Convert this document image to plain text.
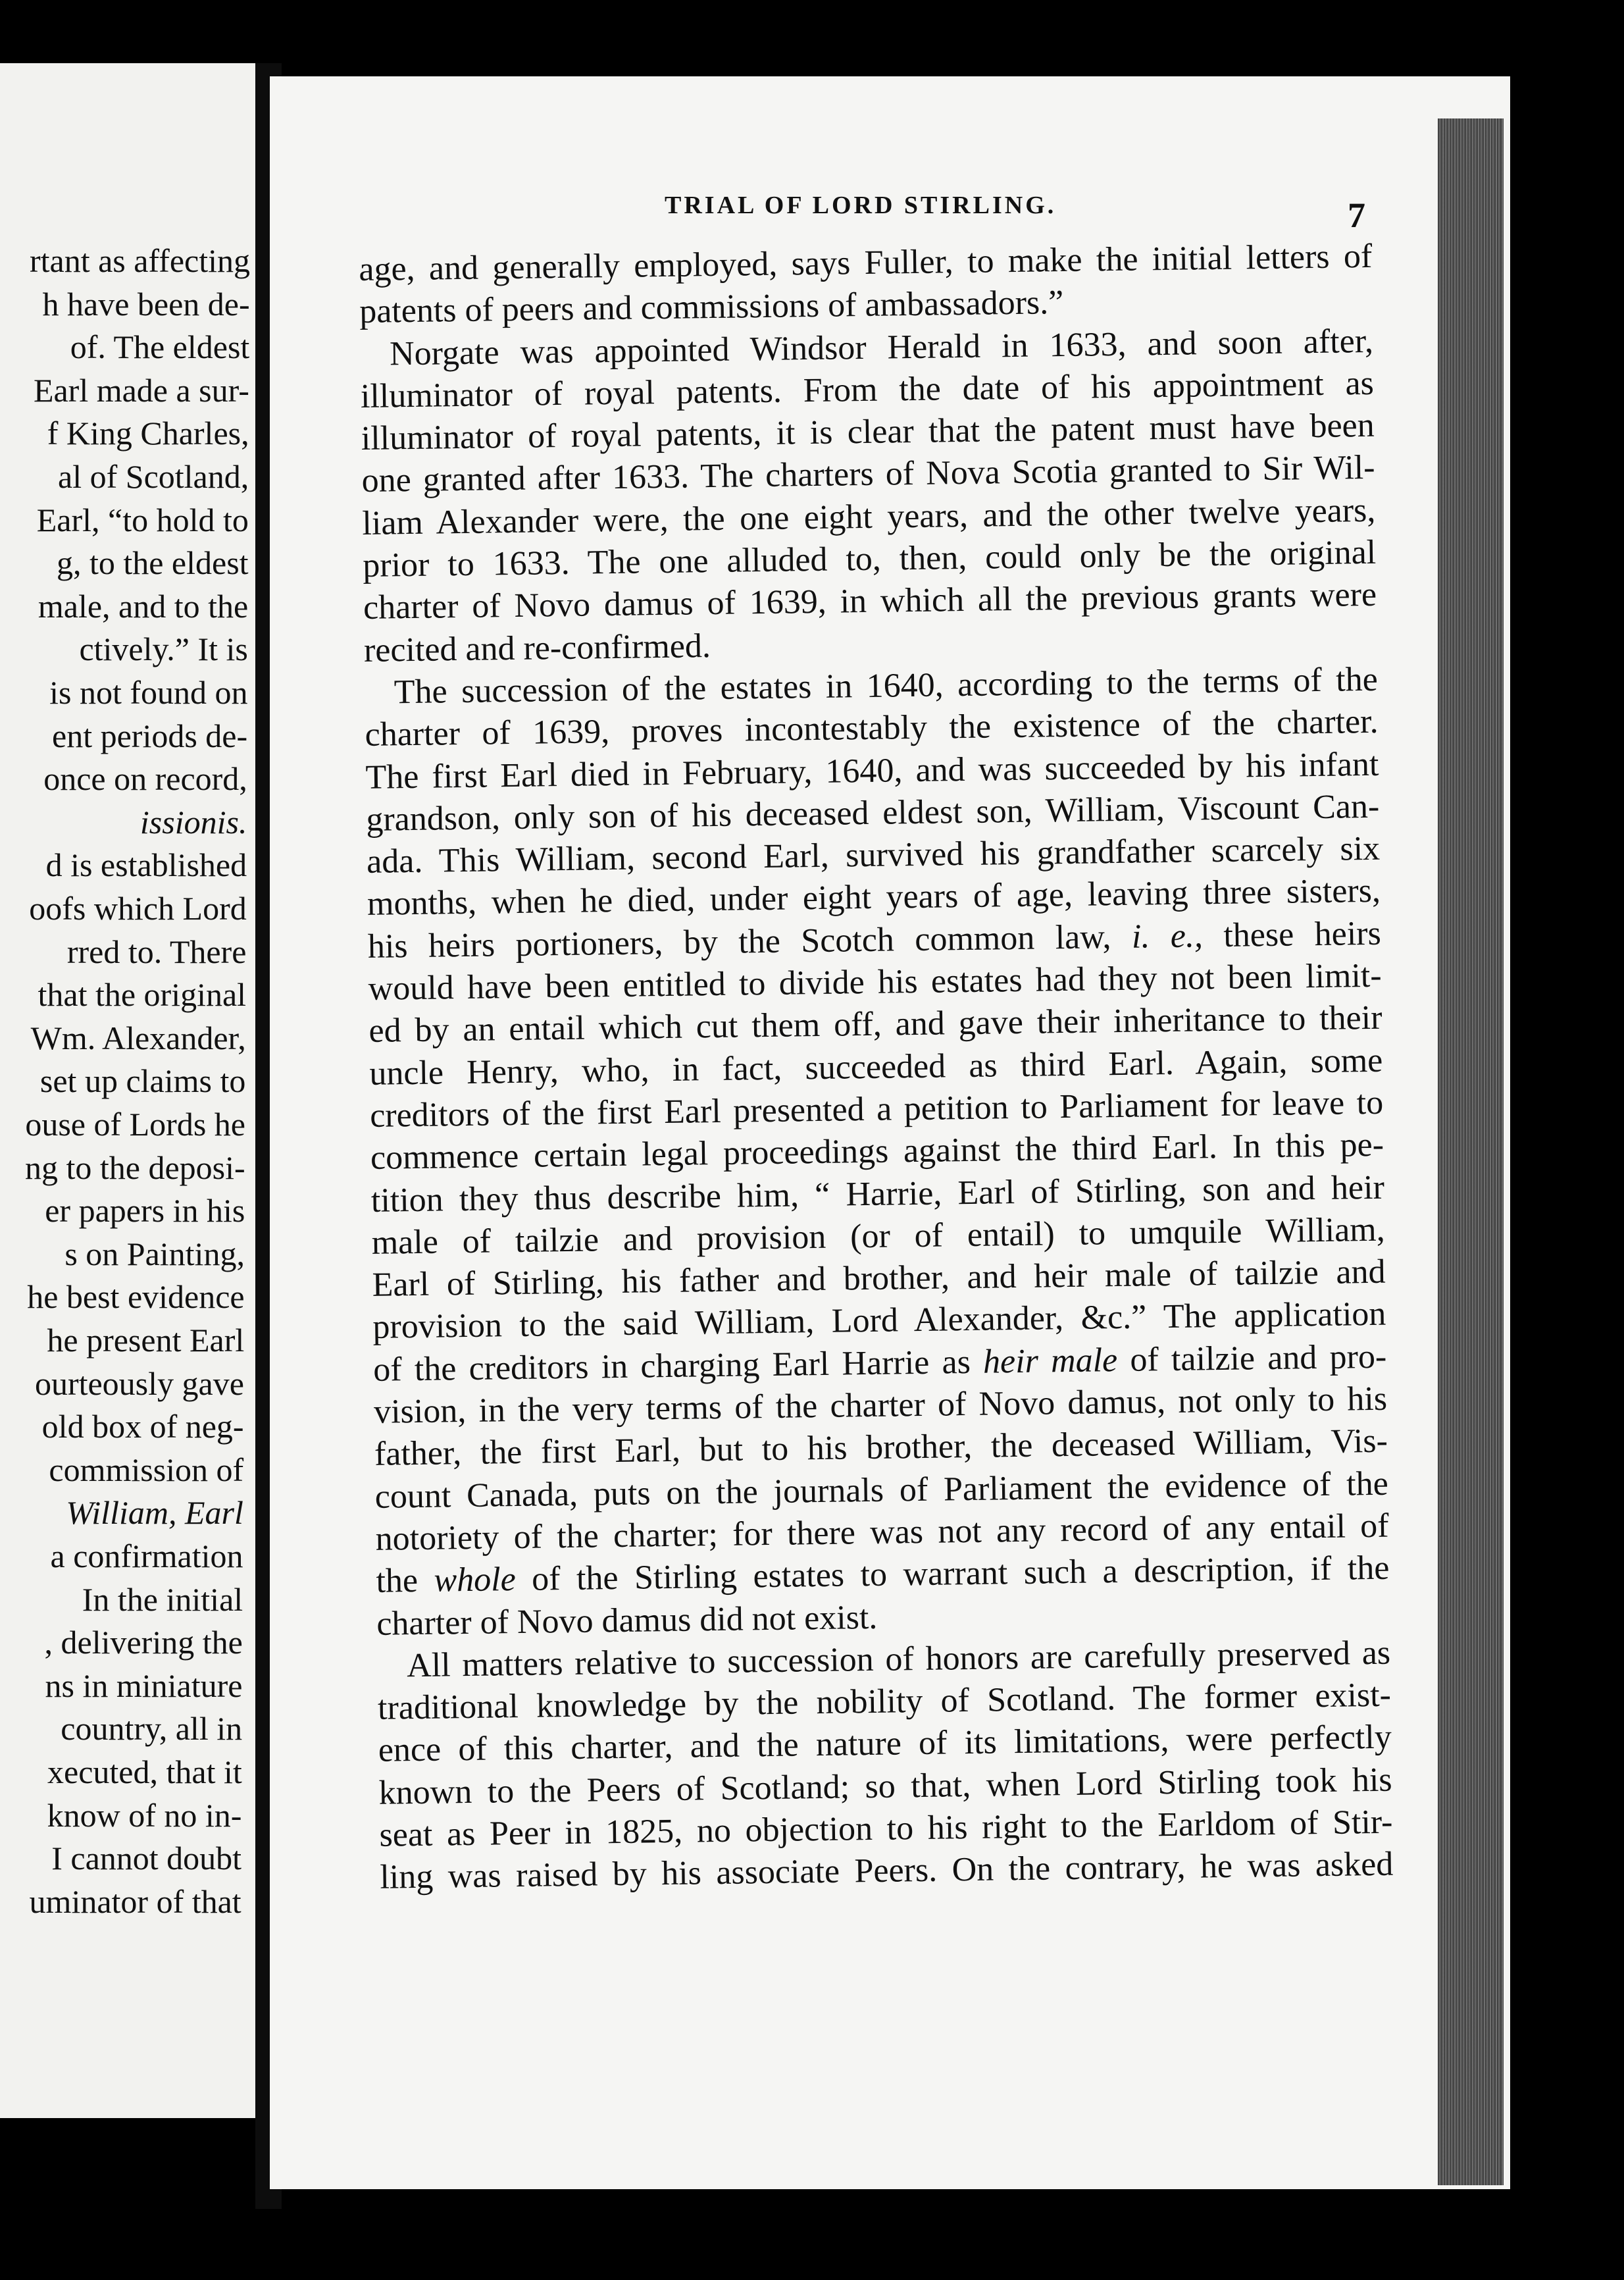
rtant as affecting
h have been de-
of. The eldest
Earl made a sur-
f King Charles,
al of Scotland,
Earl, “to hold to
g, to the eldest
male, and to the
ctively.” It is
is not found on
ent periods de-
once on record,
issionis.
d is established
oofs which Lord
rred to. There
that the original
Wm. Alexander,
set up claims to
ouse of Lords he
ng to the deposi-
er papers in his
s on Painting,
he best evidence
he present Earl
ourteously gave
old box of neg-
commission of
William, Earl
a confirmation
In the initial
, delivering the
ns in miniature
country, all in
xecuted, that it
know of no in-
I cannot doubt
uminator of that
TRIAL OF LORD STIRLING.	7
age, and generally employed, says Fuller, to make the initial letters of
patents of peers and commissions of ambassadors.”
Norgate was appointed Windsor Herald in 1633, and soon after,
illuminator of royal patents. From the date of his appointment as
illuminator of royal patents, it is clear that the patent must have been
one granted after 1633. The charters of Nova Scotia granted to Sir Wil-
liam Alexander were, the one eight years, and the other twelve years,
prior to 1633. The one alluded to, then, could only be the original
charter of Novo damus of 1639, in which all the previous grants were
recited and re-confirmed.
The succession of the estates in 1640, according to the terms of the
charter of 1639, proves incontestably the existence of the charter.
The first Earl died in February, 1640, and was succeeded by his infant
grandson, only son of his deceased eldest son, William, Viscount Can-
ada. This William, second Earl, survived his grandfather scarcely six
months, when he died, under eight years of age, leaving three sisters,
his heirs portioners, by the Scotch common law, i. e., these heirs
would have been entitled to divide his estates had they not been limit-
ed by an entail which cut them off, and gave their inheritance to their
uncle Henry, who, in fact, succeeded as third Earl. Again, some
creditors of the first Earl presented a petition to Parliament for leave to
commence certain legal proceedings against the third Earl. In this pe-
tition they thus describe him, “ Harrie, Earl of Stirling, son and heir
male of tailzie and provision (or of entail) to umquile William,
Earl of Stirling, his father and brother, and heir male of tailzie and
provision to the said William, Lord Alexander, &c.” The application
of the creditors in charging Earl Harrie as heir male of tailzie and pro-
vision, in the very terms of the charter of Novo damus, not only to his
father, the first Earl, but to his brother, the deceased William, Vis-
count Canada, puts on the journals of Parliament the evidence of the
notoriety of the charter; for there was not any record of any entail of
the whole of the Stirling estates to warrant such a description, if the
charter of Novo damus did not exist.
All matters relative to succession of honors are carefully preserved as
traditional knowledge by the nobility of Scotland. The former exist-
ence of this charter, and the nature of its limitations, were perfectly
known to the Peers of Scotland; so that, when Lord Stirling took his
seat as Peer in 1825, no objection to his right to the Earldom of Stir-
ling was raised by his associate Peers. On the contrary, he was asked
